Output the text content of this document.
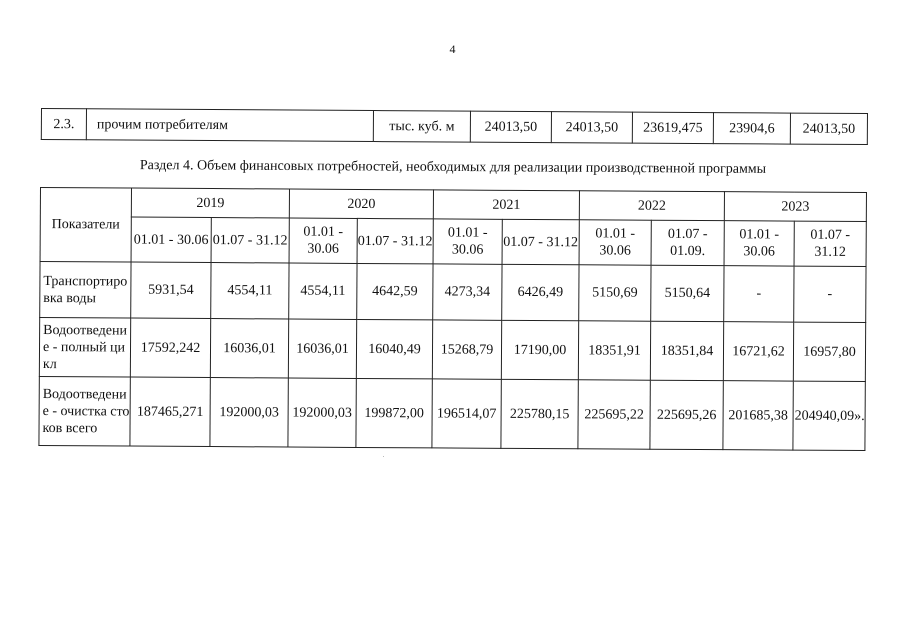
4
2.3.	прочим потребителям	тыс. куб. м	24013,50	24013,50	23619,475	23904,6	24013,50
Раздел 4. Объем финансовых потребностей, необходимых для реализации производственной программы
Показатели	2019		2020		2021		2022		2023	
	01.01 - 30.06	01.07 - 31.12	01.01 - 30.06	01.07 - 31.12	01.01 - 30.06	01.07 - 31.12	01.01 - 30.06	01.07 - 01.09.	01.01 - 30.06	01.07 - 31.12
Транспортировка воды	5931,54	4554,11	4554,11	4642,59	4273,34	6426,49	5150,69	5150,64	-	-
Водоотведение - полный цикл	17592,242	16036,01	16036,01	16040,49	15268,79	17190,00	18351,91	18351,84	16721,62	16957,80
Водоотведение - очистка стоков всего	187465,271	192000,03	192000,03	199872,00	196514,07	225780,15	225695,22	225695,26	201685,38	204940,09».
